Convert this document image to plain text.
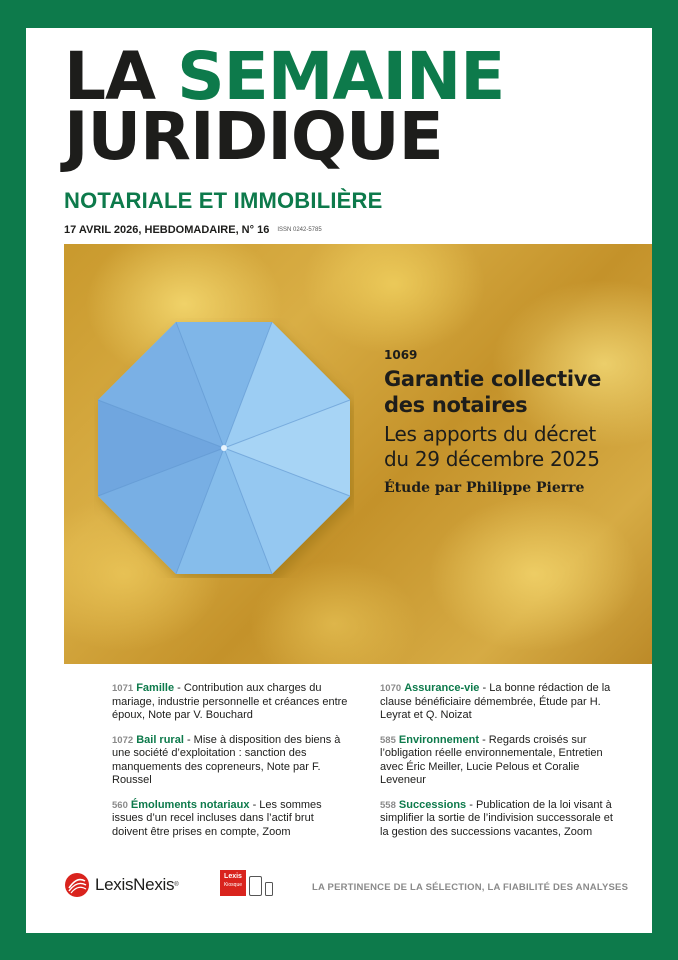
LA SEMAINE
JURIDIQUE
NOTARIALE ET IMMOBILIÈRE
17 AVRIL 2026, HEBDOMADAIRE, N° 16 ISSN 0242-5785
1069
Garantie collective
des notaires
Les apports du décret
du 29 décembre 2025
Étude par Philippe Pierre
1071 Famille - Contribution aux charges du mariage, industrie personnelle et créances entre époux, Note par V. Bouchard
1072 Bail rural - Mise à disposition des biens à une société d’exploitation : sanction des manquements des copreneurs, Note par F. Roussel
560 Émoluments notariaux - Les sommes issues d’un recel incluses dans l’actif brut doivent être prises en compte, Zoom
1070 Assurance-vie - La bonne rédaction de la clause bénéficiaire démembrée, Étude par H. Leyrat et Q. Noizat
585 Environnement - Regards croisés sur l’obligation réelle environnementale, Entretien avec Éric Meiller, Lucie Pelous et Coralie Leveneur
558 Successions - Publication de la loi visant à simplifier la sortie de l’indivision successorale et la gestion des successions vacantes, Zoom
LexisNexis ®
Lexis
Kiosque	LA PERTINENCE DE LA SÉLECTION, LA FIABILITÉ DES ANALYSES
